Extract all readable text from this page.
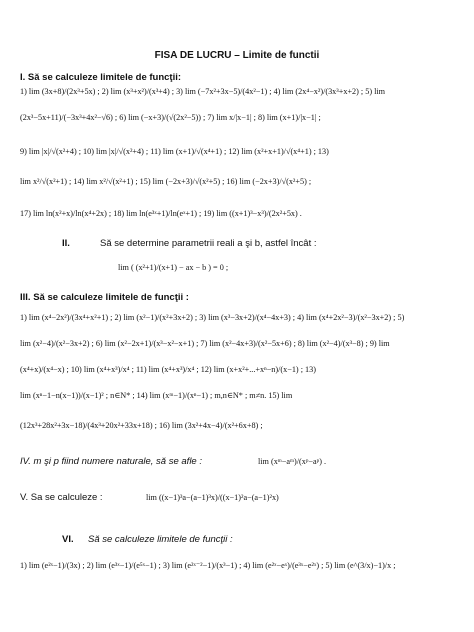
FISA DE LUCRU – Limite de functii
I. Să se calculeze limitele de funcţii:
1) lim (3x+8)/(2x³+5x) ; 2) lim (x³+x²)/(x³+4) ; 3) lim (−7x²+3x−5)/(4x²−1) ; 4) lim (2x⁴−x²)/(3x³+x+2) ; 5) lim
(2x³−5x+11)/(−3x³+4x²−√6) ; 6) lim (−x+3)/(√(2x²−5)) ; 7) lim x/|x−1| ; 8) lim (x+1)/|x−1| ;
9) lim |x|/√(x²+4) ; 10) lim |x|/√(x²+4) ; 11) lim (x+1)/√(x⁴+1) ; 12) lim (x²+x+1)/√(x⁴+1) ; 13)
lim x²/√(x²+1) ; 14) lim x²/√(x²+1) ; 15) lim (−2x+3)/√(x²+5) ; 16) lim (−2x+3)/√(x²+5) ;
17) lim ln(x²+x)/ln(x⁴+2x) ; 18) lim ln(e³ˣ+1)/ln(eˣ+1) ; 19) lim ((x+1)³−x³)/(2x²+5x) .
II.	Să se determine parametrii reali a şi b, astfel încât :
lim ( (x²+1)/(x+1) − ax − b ) = 0 ;
III. Să se calculeze limitele de funcţii :
1) lim (x⁴−2x²)/(3x⁴+x²+1) ; 2) lim (x²−1)/(x²+3x+2) ; 3) lim (x³−3x+2)/(x⁴−4x+3) ; 4) lim (x⁴+2x²−3)/(x²−3x+2) ; 5)
lim (x²−4)/(x²−3x+2) ; 6) lim (x²−2x+1)/(x³−x²−x+1) ; 7) lim (x²−4x+3)/(x²−5x+6) ; 8) lim (x²−4)/(x³−8) ; 9) lim
(x⁴+x)/(x⁴−x) ; 10) lim (x⁴+x³)/x⁴ ; 11) lim (x⁴+x³)/x⁴ ; 12) lim (x+x²+...+xⁿ−n)/(x−1) ; 13)
lim (xⁿ−1−n(x−1))/(x−1)² ; n∈N* ; 14) lim (xᵐ−1)/(xⁿ−1) ; m,n∈N* ; m≠n. 15) lim
(12x³+28x²+3x−18)/(4x³+20x²+33x+18) ; 16) lim (3x²+4x−4)/(x²+6x+8) ;
IV. m şi p fiind numere naturale, să se afle :	lim (xᵐ−aᵐ)/(xᵖ−aᵖ) .
V. Sa se calculeze :	lim ((x−1)³a−(a−1)³x)/((x−1)²a−(a−1)²x)
VI. Să se calculeze limitele de funcţii :
1) lim (e²ˣ−1)/(3x) ; 2) lim (e³ˣ−1)/(e⁵ˣ−1) ; 3) lim (e²ˣ⁻²−1)/(x³−1) ; 4) lim (e²ˣ−eˣ)/(e³ˣ−e²ˣ) ; 5) lim (e^(3/x)−1)/x ;
